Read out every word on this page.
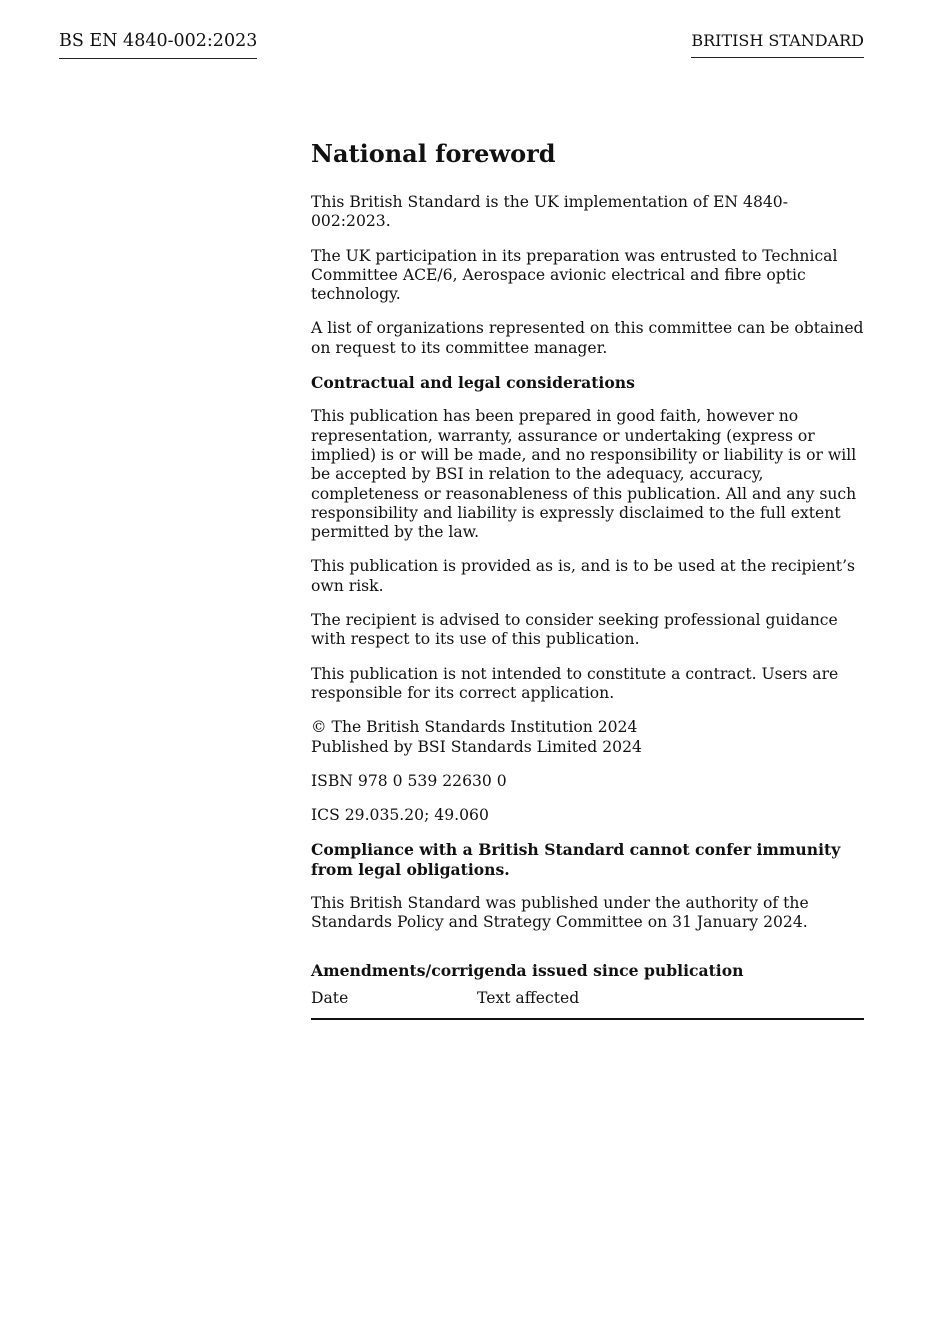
BS EN 4840-002:2023	BRITISH STANDARD
National foreword

This British Standard is the UK implementation of EN 4840-002:2023.

The UK participation in its preparation was entrusted to Technical Committee ACE/6, Aerospace avionic electrical and fibre optic technology.

A list of organizations represented on this committee can be obtained on request to its committee manager.

Contractual and legal considerations

This publication has been prepared in good faith, however no representation, warranty, assurance or undertaking (express or implied) is or will be made, and no responsibility or liability is or will be accepted by BSI in relation to the adequacy, accuracy, completeness or reasonableness of this publication. All and any such responsibility and liability is expressly disclaimed to the full extent permitted by the law.

This publication is provided as is, and is to be used at the recipient’s own risk.

The recipient is advised to consider seeking professional guidance with respect to its use of this publication.

This publication is not intended to constitute a contract. Users are responsible for its correct application.

© The British Standards Institution 2024
Published by BSI Standards Limited 2024

ISBN 978 0 539 22630 0

ICS 29.035.20; 49.060

Compliance with a British Standard cannot confer immunity from legal obligations.

This British Standard was published under the authority of the Standards Policy and Strategy Committee on 31 January 2024.

Amendments/corrigenda issued since publication
Date	Text affected
